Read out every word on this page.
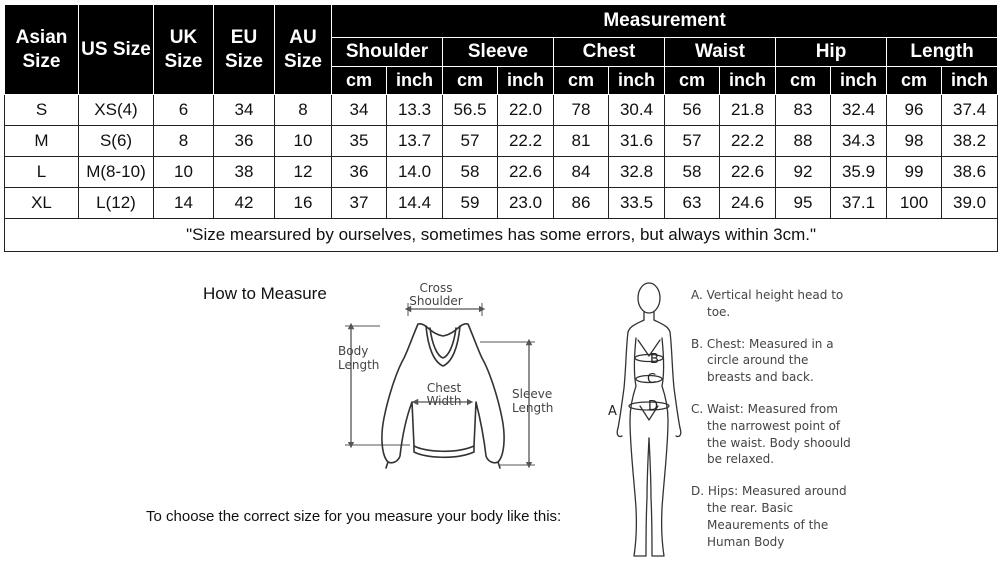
Asian Size	US Size	UK Size	EU Size	AU Size	Measurement											
					Shoulder		Sleeve		Chest		Waist		Hip		Length	
					cm	inch	cm	inch	cm	inch	cm	inch	cm	inch	cm	inch
S	XS(4)	6	34	8	34	13.3	56.5	22.0	78	30.4	56	21.8	83	32.4	96	37.4
M	S(6)	8	36	10	35	13.7	57	22.2	81	31.6	57	22.2	88	34.3	98	38.2
L	M(8-10)	10	38	12	36	14.0	58	22.6	84	32.8	58	22.6	92	35.9	99	38.6
XL	L(12)	14	42	16	37	14.4	59	23.0	86	33.5	63	24.6	95	37.1	100	39.0
"Size mearsured by ourselves, sometimes has some errors, but always within 3cm."																
How to Measure	Cross
Shoulder
Body
Length
Chest
Width	Sleeve
Length
B
C
D
A

A. Vertical height head to toe.

B. Chest: Measured in a circle around the breasts and back.

C. Waist: Measured from the narrowest point of the waist. Body shoould be relaxed.

D. Hips: Measured around the rear. Basic Meaurements of the Human Body

To choose the correct size for you measure your body like this:
